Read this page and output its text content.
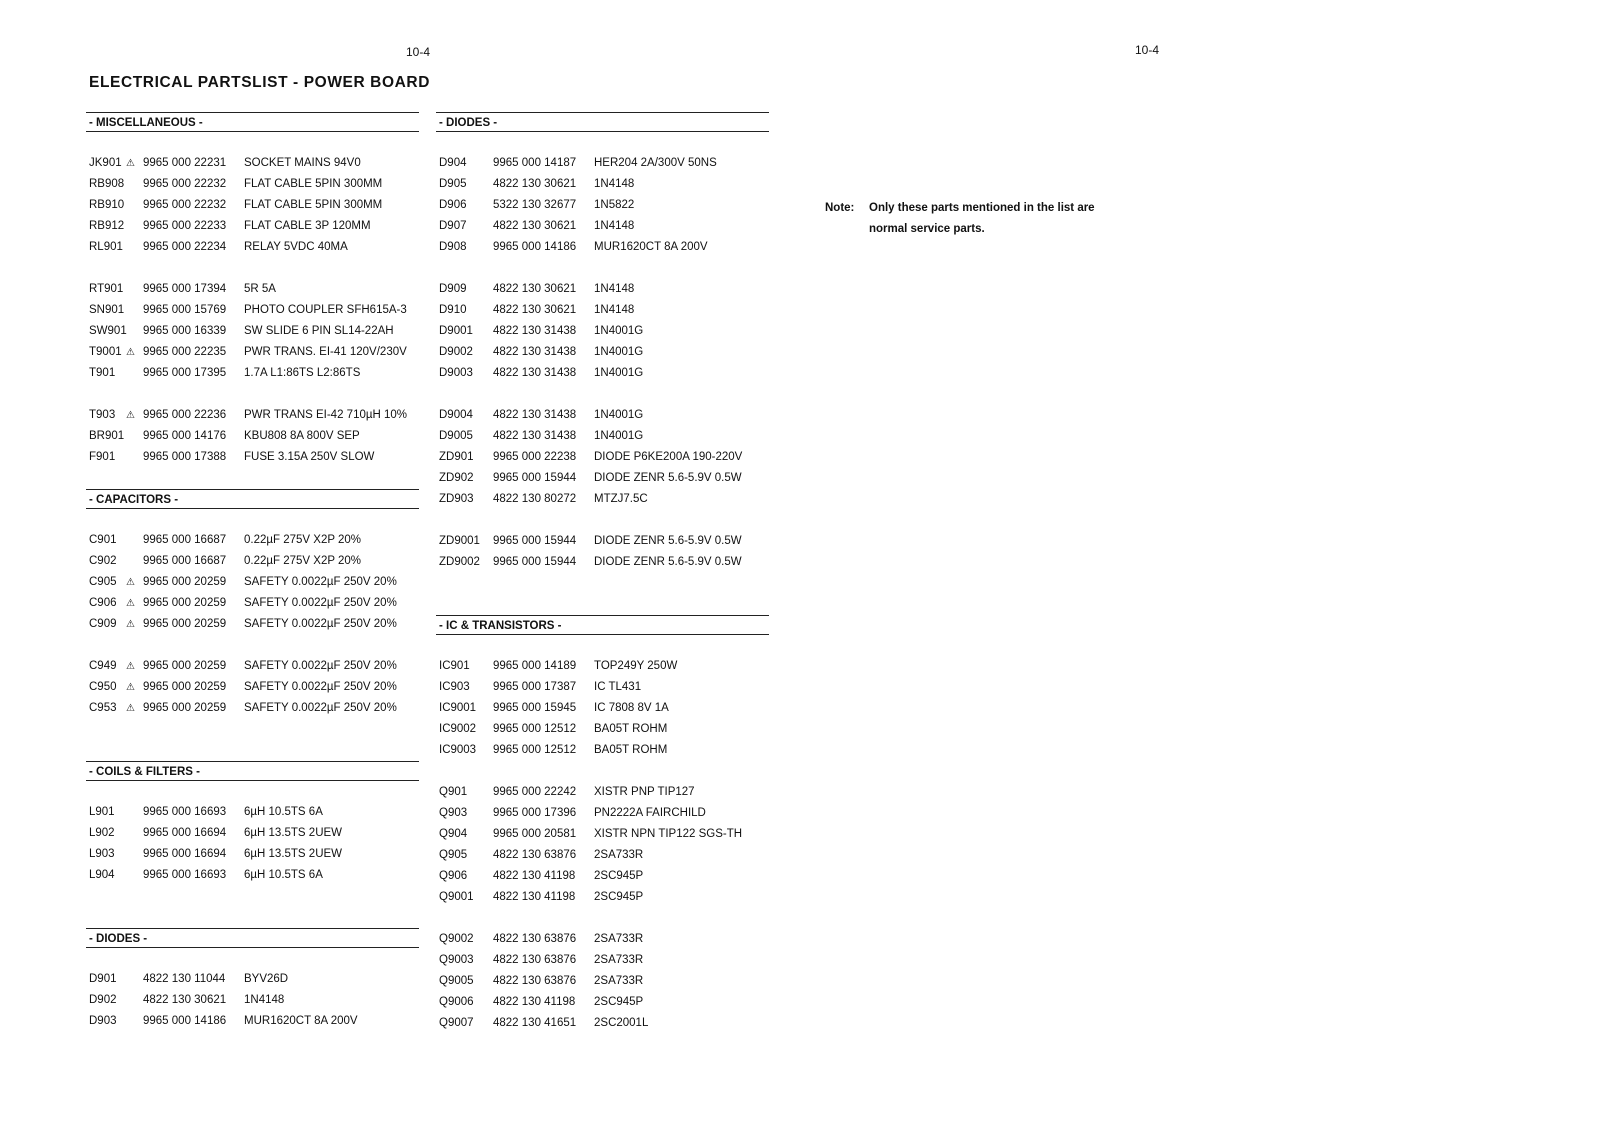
10-4	10-4
ELECTRICAL PARTSLIST - POWER BOARD
- MISCELLANEOUS -
JK901 ⚠ 9965 000 22231 SOCKET MAINS 94V0
RB908 9965 000 22232 FLAT CABLE 5PIN 300MM
RB910 9965 000 22232 FLAT CABLE 5PIN 300MM
RB912 9965 000 22233 FLAT CABLE 3P 120MM
RL901 9965 000 22234 RELAY 5VDC 40MA
RT901 9965 000 17394 5R 5A
SN901 9965 000 15769 PHOTO COUPLER SFH615A-3
SW901 9965 000 16339 SW SLIDE 6 PIN SL14-22AH
T9001 ⚠ 9965 000 22235 PWR TRANS. EI-41 120V/230V
T901 9965 000 17395 1.7A L1:86TS L2:86TS
T903 ⚠ 9965 000 22236 PWR TRANS EI-42 710µH 10%
BR901 9965 000 14176 KBU808 8A 800V SEP
F901 9965 000 17388 FUSE 3.15A 250V SLOW
- CAPACITORS -
C901 9965 000 16687 0.22µF 275V X2P 20%
C902 9965 000 16687 0.22µF 275V X2P 20%
C905 ⚠ 9965 000 20259 SAFETY 0.0022µF 250V 20%
C906 ⚠ 9965 000 20259 SAFETY 0.0022µF 250V 20%
C909 ⚠ 9965 000 20259 SAFETY 0.0022µF 250V 20%
C949 ⚠ 9965 000 20259 SAFETY 0.0022µF 250V 20%
C950 ⚠ 9965 000 20259 SAFETY 0.0022µF 250V 20%
C953 ⚠ 9965 000 20259 SAFETY 0.0022µF 250V 20%
- COILS & FILTERS -
L901 9965 000 16693 6µH 10.5TS 6A
L902 9965 000 16694 6µH 13.5TS 2UEW
L903 9965 000 16694 6µH 13.5TS 2UEW
L904 9965 000 16693 6µH 10.5TS 6A
- DIODES -
D901 4822 130 11044 BYV26D
D902 4822 130 30621 1N4148
D903 9965 000 14186 MUR1620CT 8A 200V
- DIODES -
D904 9965 000 14187 HER204 2A/300V 50NS
D905 4822 130 30621 1N4148
D906 5322 130 32677 1N5822
D907 4822 130 30621 1N4148
D908 9965 000 14186 MUR1620CT 8A 200V
D909 4822 130 30621 1N4148
D910 4822 130 30621 1N4148
D9001 4822 130 31438 1N4001G
D9002 4822 130 31438 1N4001G
D9003 4822 130 31438 1N4001G
D9004 4822 130 31438 1N4001G
D9005 4822 130 31438 1N4001G
ZD901 9965 000 22238 DIODE P6KE200A 190-220V
ZD902 9965 000 15944 DIODE ZENR 5.6-5.9V 0.5W
ZD903 4822 130 80272 MTZJ7.5C
ZD9001 9965 000 15944 DIODE ZENR 5.6-5.9V 0.5W
ZD9002 9965 000 15944 DIODE ZENR 5.6-5.9V 0.5W
- IC & TRANSISTORS -
IC901 9965 000 14189 TOP249Y 250W
IC903 9965 000 17387 IC TL431
IC9001 9965 000 15945 IC 7808 8V 1A
IC9002 9965 000 12512 BA05T ROHM
IC9003 9965 000 12512 BA05T ROHM
Q901 9965 000 22242 XISTR PNP TIP127
Q903 9965 000 17396 PN2222A FAIRCHILD
Q904 9965 000 20581 XISTR NPN TIP122 SGS-TH
Q905 4822 130 63876 2SA733R
Q906 4822 130 41198 2SC945P
Q9001 4822 130 41198 2SC945P
Q9002 4822 130 63876 2SA733R
Q9003 4822 130 63876 2SA733R
Q9005 4822 130 63876 2SA733R
Q9006 4822 130 41198 2SC945P
Q9007 4822 130 41651 2SC2001L
Note: Only these parts mentioned in the list are
normal service parts.
